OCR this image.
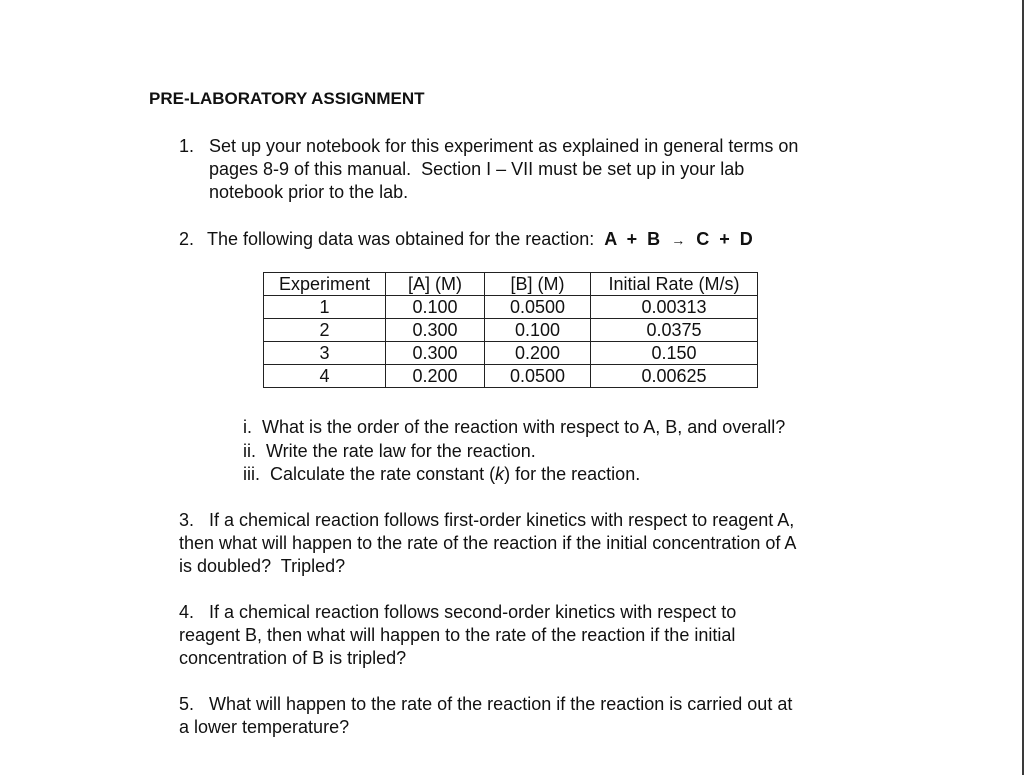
PRE-LABORATORY ASSIGNMENT
1. Set up your notebook for this experiment as explained in general terms on
pages 8-9 of this manual.  Section I – VII must be set up in your lab
notebook prior to the lab.
2. The following data was obtained for the reaction: A + B → C + D
Experiment	[A] (M)	[B] (M)	Initial Rate (M/s)
1	0.100	0.0500	0.00313
2	0.300	0.100	0.0375
3	0.300	0.200	0.150
4	0.200	0.0500	0.00625
i. What is the order of the reaction with respect to A, B, and overall?
ii. Write the rate law for the reaction.
iii. Calculate the rate constant (k) for the reaction.
3.   If a chemical reaction follows first-order kinetics with respect to reagent A,
then what will happen to the rate of the reaction if the initial concentration of A
is doubled?  Tripled?
4.   If a chemical reaction follows second-order kinetics with respect to
reagent B, then what will happen to the rate of the reaction if the initial
concentration of B is tripled?
5.   What will happen to the rate of the reaction if the reaction is carried out at
a lower temperature?
